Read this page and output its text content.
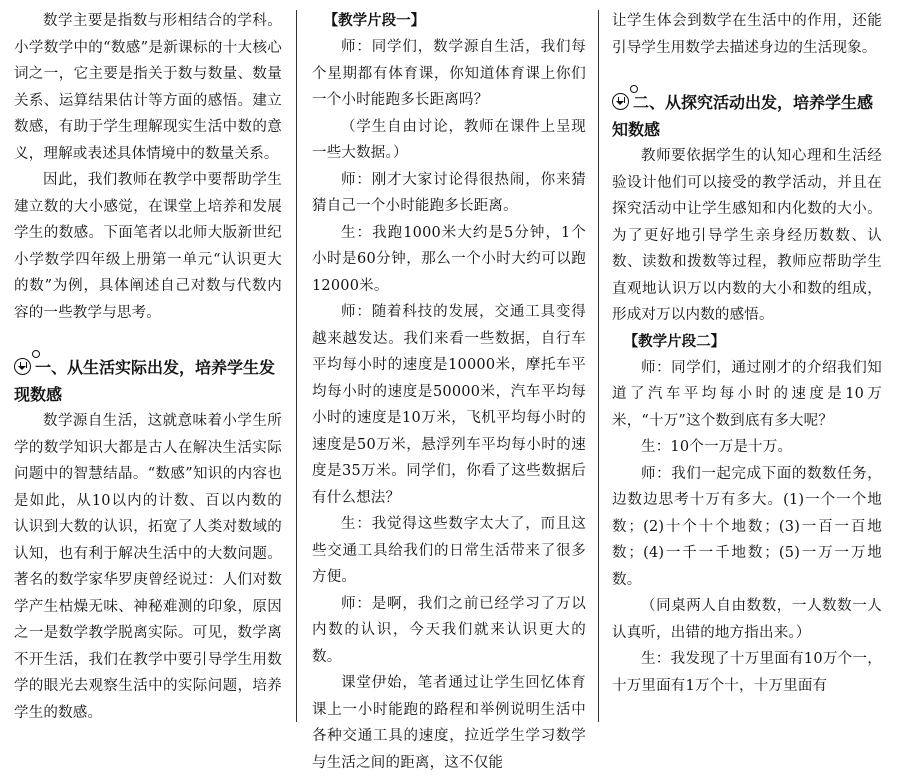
数学主要是指数与形相结合的学科。小学数学中的“数感”是新课标的十大核心词之一，它主要是指关于数与数量、数量关系、运算结果估计等方面的感悟。建立数感，有助于学生理解现实生活中数的意义，理解或表述具体情境中的数量关系。

因此，我们教师在教学中要帮助学生建立数的大小感觉，在课堂上培养和发展学生的数感。下面笔者以北师大版新世纪小学数学四年级上册第一单元“认识更大的数”为例，具体阐述自己对数与代数内容的一些教学与思考。

一、从生活实际出发，培养学生发现数感

数学源自生活，这就意味着小学生所学的数学知识大都是古人在解决生活实际问题中的智慧结晶。“数感”知识的内容也是如此，从10以内的计数、百以内数的认识到大数的认识，拓宽了人类对数域的认知，也有利于解决生活中的大数问题。著名的数学家华罗庚曾经说过：人们对数学产生枯燥无味、神秘难测的印象，原因之一是数学教学脱离实际。可见，数学离不开生活，我们在教学中要引导学生用数学的眼光去观察生活中的实际问题，培养学生的数感。

【教学片段一】

师：同学们，数学源自生活，我们每个星期都有体育课，你知道体育课上你们一个小时能跑多长距离吗？

（学生自由讨论，教师在课件上呈现一些大数据。）

师：刚才大家讨论得很热闹，你来猜猜自己一个小时能跑多长距离。

生：我跑1000米大约是5分钟，1个小时是60分钟，那么一个小时大约可以跑12000米。

师：随着科技的发展，交通工具变得越来越发达。我们来看一些数据，自行车平均每小时的速度是10000米，摩托车平均每小时的速度是50000米，汽车平均每小时的速度是10万米，飞机平均每小时的速度是50万米，悬浮列车平均每小时的速度是35万米。同学们，你看了这些数据后有什么想法？

生：我觉得这些数字太大了，而且这些交通工具给我们的日常生活带来了很多方便。

师：是啊，我们之前已经学习了万以内数的认识，今天我们就来认识更大的数。

课堂伊始，笔者通过让学生回忆体育课上一小时能跑的路程和举例说明生活中各种交通工具的速度，拉近学生学习数学与生活之间的距离，这不仅能

让学生体会到数学在生活中的作用，还能引导学生用数学去描述身边的生活现象。

二、从探究活动出发，培养学生感知数感

教师要依据学生的认知心理和生活经验设计他们可以接受的教学活动，并且在探究活动中让学生感知和内化数的大小。为了更好地引导学生亲身经历数数、认数、读数和拨数等过程，教师应帮助学生直观地认识万以内数的大小和数的组成，形成对万以内数的感悟。

【教学片段二】

师：同学们，通过刚才的介绍我们知道了汽车平均每小时的速度是10万米，“十万”这个数到底有多大呢？

生：10个一万是十万。

师：我们一起完成下面的数数任务，边数边思考十万有多大。(1)一个一个地数；(2)十个十个地数；(3)一百一百地数；(4)一千一千地数；(5)一万一万地数。

（同桌两人自由数数，一人数数一人认真听，出错的地方指出来。）

生：我发现了十万里面有10万个一，十万里面有1万个十，十万里面有
